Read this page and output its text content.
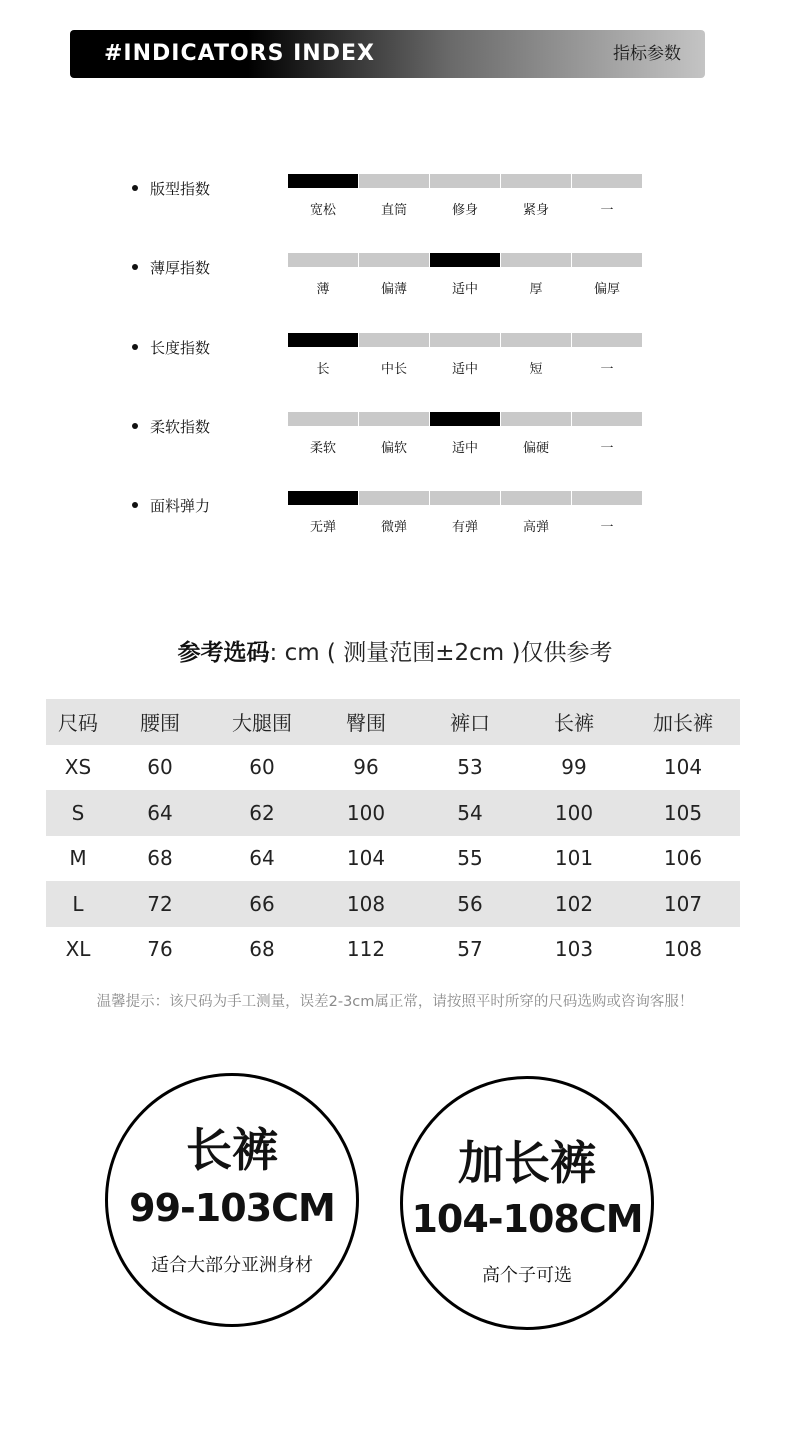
#INDICATORS INDEX	指标参数
版型指数
宽松	直筒	修身	紧身	一
薄厚指数
薄	偏薄	适中	厚	偏厚
长度指数
长	中长	适中	短	一
柔软指数
柔软	偏软	适中	偏硬	一
面料弹力
无弹	微弹	有弹	高弹	一
参考选码: cm ( 测量范围±2cm )仅供参考
尺码	腰围	大腿围	臀围	裤口	长裤	加长裤
XS	60	60	96	53	99	104
S	64	62	100	54	100	105
M	68	64	104	55	101	106
L	72	66	108	56	102	107
XL	76	68	112	57	103	108
温馨提示：该尺码为手工测量，误差2-3cm属正常，请按照平时所穿的尺码选购或咨询客服！
长裤
99-103CM
适合大部分亚洲身材
加长裤
104-108CM
高个子可选
